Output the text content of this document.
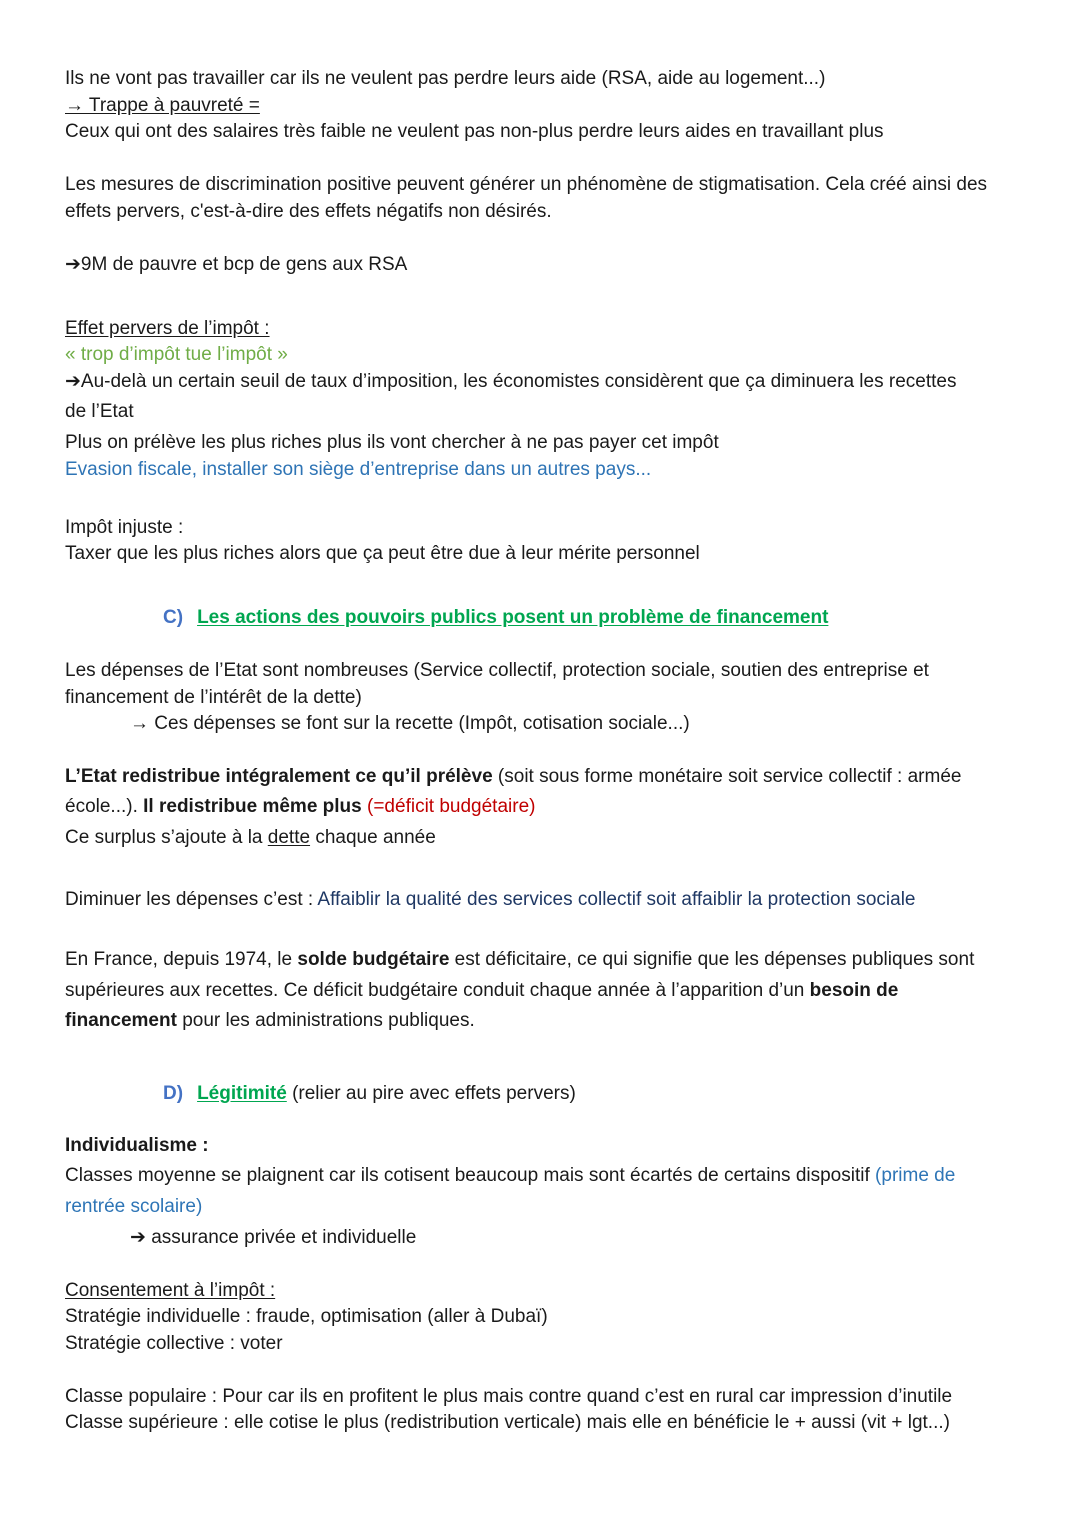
Ils ne vont pas travailler car ils ne veulent pas perdre leurs aide (RSA, aide au logement...)
→ Trappe à pauvreté =
Ceux qui ont des salaires très faible ne veulent pas non-plus perdre leurs aides en travaillant plus
Les mesures de discrimination positive peuvent générer un phénomène de stigmatisation. Cela créé ainsi des
effets pervers, c'est-à-dire des effets négatifs non désirés.
➔9M de pauvre et bcp de gens aux RSA
Effet pervers de l’impôt :
« trop d’impôt tue l’impôt »
➔Au-delà un certain seuil de taux d’imposition, les économistes considèrent que ça diminuera les recettes
de l’Etat
Plus on prélève les plus riches plus ils vont chercher à ne pas payer cet impôt
Evasion fiscale, installer son siège d’entreprise dans un autres pays...
Impôt injuste :
Taxer que les plus riches alors que ça peut être due à leur mérite personnel
C) Les actions des pouvoirs publics posent un problème de financement
Les dépenses de l’Etat sont nombreuses (Service collectif, protection sociale, soutien des entreprise et
financement de l’intérêt de la dette)
→ Ces dépenses se font sur la recette (Impôt, cotisation sociale...)
L’Etat redistribue intégralement ce qu’il prélève (soit sous forme monétaire soit service collectif : armée
école...). Il redistribue même plus (=déficit budgétaire)
Ce surplus s’ajoute à la dette chaque année
Diminuer les dépenses c’est : Affaiblir la qualité des services collectif soit affaiblir la protection sociale
En France, depuis 1974, le solde budgétaire est déficitaire, ce qui signifie que les dépenses publiques sont
supérieures aux recettes. Ce déficit budgétaire conduit chaque année à l’apparition d’un besoin de
financement pour les administrations publiques.
D) Légitimité (relier au pire avec effets pervers)
Individualisme :
Classes moyenne se plaignent car ils cotisent beaucoup mais sont écartés de certains dispositif (prime de
rentrée scolaire)
➔ assurance privée et individuelle
Consentement à l’impôt :
Stratégie individuelle : fraude, optimisation (aller à Dubaï)
Stratégie collective : voter
Classe populaire : Pour car ils en profitent le plus mais contre quand c’est en rural car impression d’inutile
Classe supérieure : elle cotise le plus (redistribution verticale) mais elle en bénéficie le + aussi (vit + lgt...)
